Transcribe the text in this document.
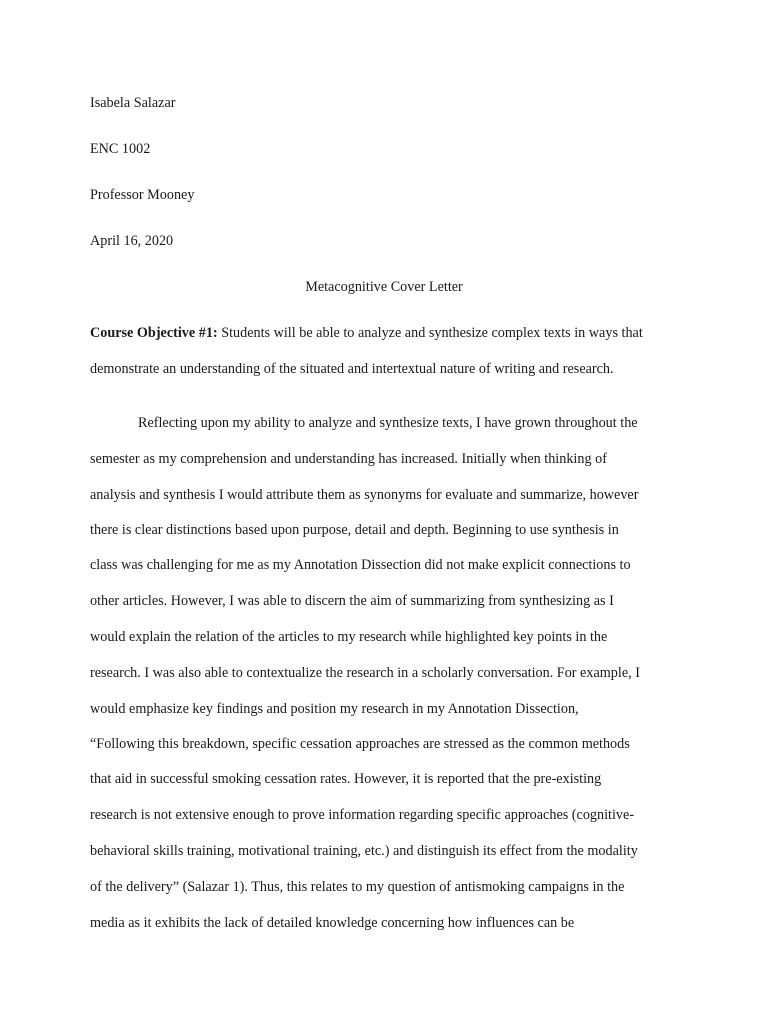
Isabela Salazar
ENC 1002
Professor Mooney
April 16, 2020
Metacognitive Cover Letter
Course Objective #1: Students will be able to analyze and synthesize complex texts in ways that
demonstrate an understanding of the situated and intertextual nature of writing and research.
Reflecting upon my ability to analyze and synthesize texts, I have grown throughout the
semester as my comprehension and understanding has increased. Initially when thinking of
analysis and synthesis I would attribute them as synonyms for evaluate and summarize, however
there is clear distinctions based upon purpose, detail and depth. Beginning to use synthesis in
class was challenging for me as my Annotation Dissection did not make explicit connections to
other articles. However, I was able to discern the aim of summarizing from synthesizing as I
would explain the relation of the articles to my research while highlighted key points in the
research. I was also able to contextualize the research in a scholarly conversation. For example, I
would emphasize key findings and position my research in my Annotation Dissection,
“Following this breakdown, specific cessation approaches are stressed as the common methods
that aid in successful smoking cessation rates. However, it is reported that the pre-existing
research is not extensive enough to prove information regarding specific approaches (cognitive-
behavioral skills training, motivational training, etc.) and distinguish its effect from the modality
of the delivery” (Salazar 1). Thus, this relates to my question of antismoking campaigns in the
media as it exhibits the lack of detailed knowledge concerning how influences can be
